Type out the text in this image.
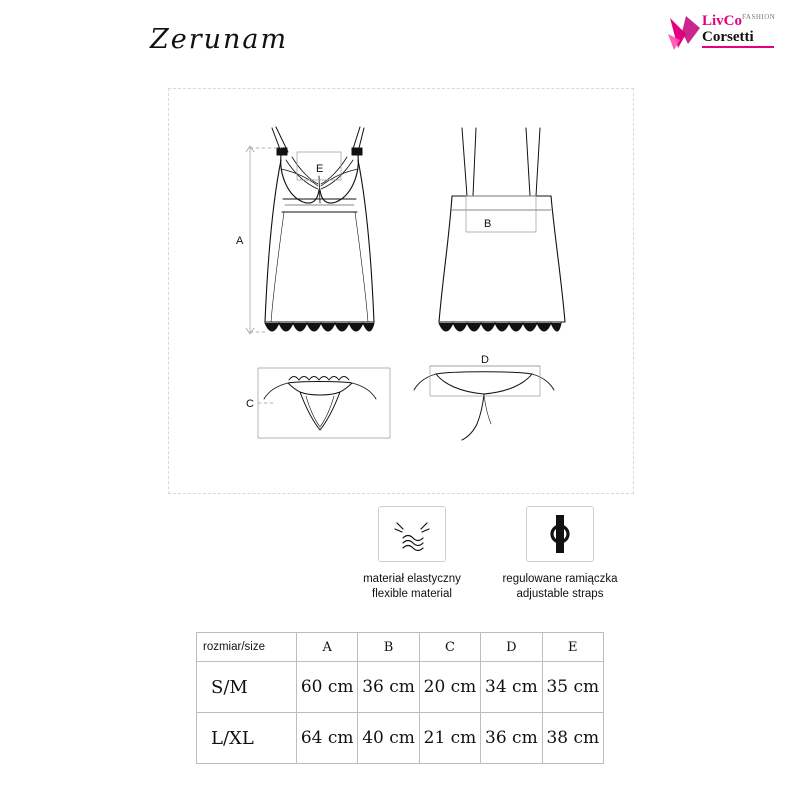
Zerunam
LivCo$^{FASHION}$
Corsetti
A
B
C
D
E
materiał elastyczny
flexible material
regulowane ramiączka
adjustable straps
rozmiar/size	A	B	C	D	E
S/M	60 cm	36 cm	20 cm	34 cm	35 cm
L/XL	64 cm	40 cm	21 cm	36 cm	38 cm
